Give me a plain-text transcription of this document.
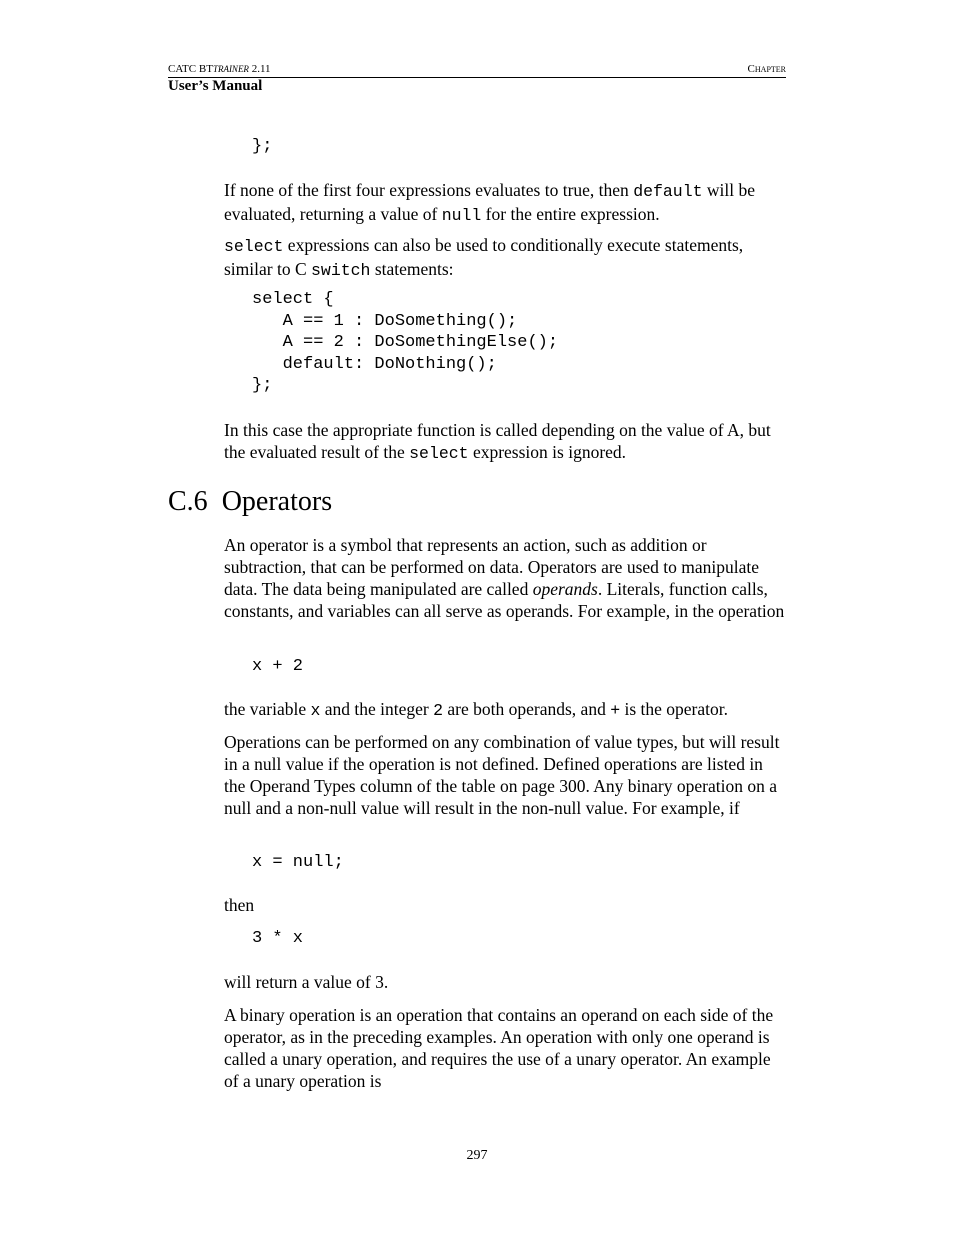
CATC BTTRAINER 2.11	Chapter
User’s Manual
};

If none of the first four expressions evaluates to true, then default will be evaluated, returning a value of null for the entire expression.

select expressions can also be used to conditionally execute statements, similar to C switch statements:

select {
A == 1 : DoSomething();
A == 2 : DoSomethingElse();
default: DoNothing();
};

In this case the appropriate function is called depending on the value of A, but the evaluated result of the select expression is ignored.

C.6 Operators

An operator is a symbol that represents an action, such as addition or subtraction, that can be performed on data. Operators are used to manipulate data. The data being manipulated are called operands. Literals, function calls, constants, and variables can all serve as operands. For example, in the operation

x + 2

the variable x and the integer 2 are both operands, and + is the operator.

Operations can be performed on any combination of value types, but will result in a null value if the operation is not defined. Defined operations are listed in the Operand Types column of the table on page 300. Any binary operation on a null and a non-null value will result in the non-null value. For example, if

x = null;

then

3 * x

will return a value of 3.

A binary operation is an operation that contains an operand on each side of the operator, as in the preceding examples. An operation with only one operand is called a unary operation, and requires the use of a unary operator. An example of a unary operation is

297
